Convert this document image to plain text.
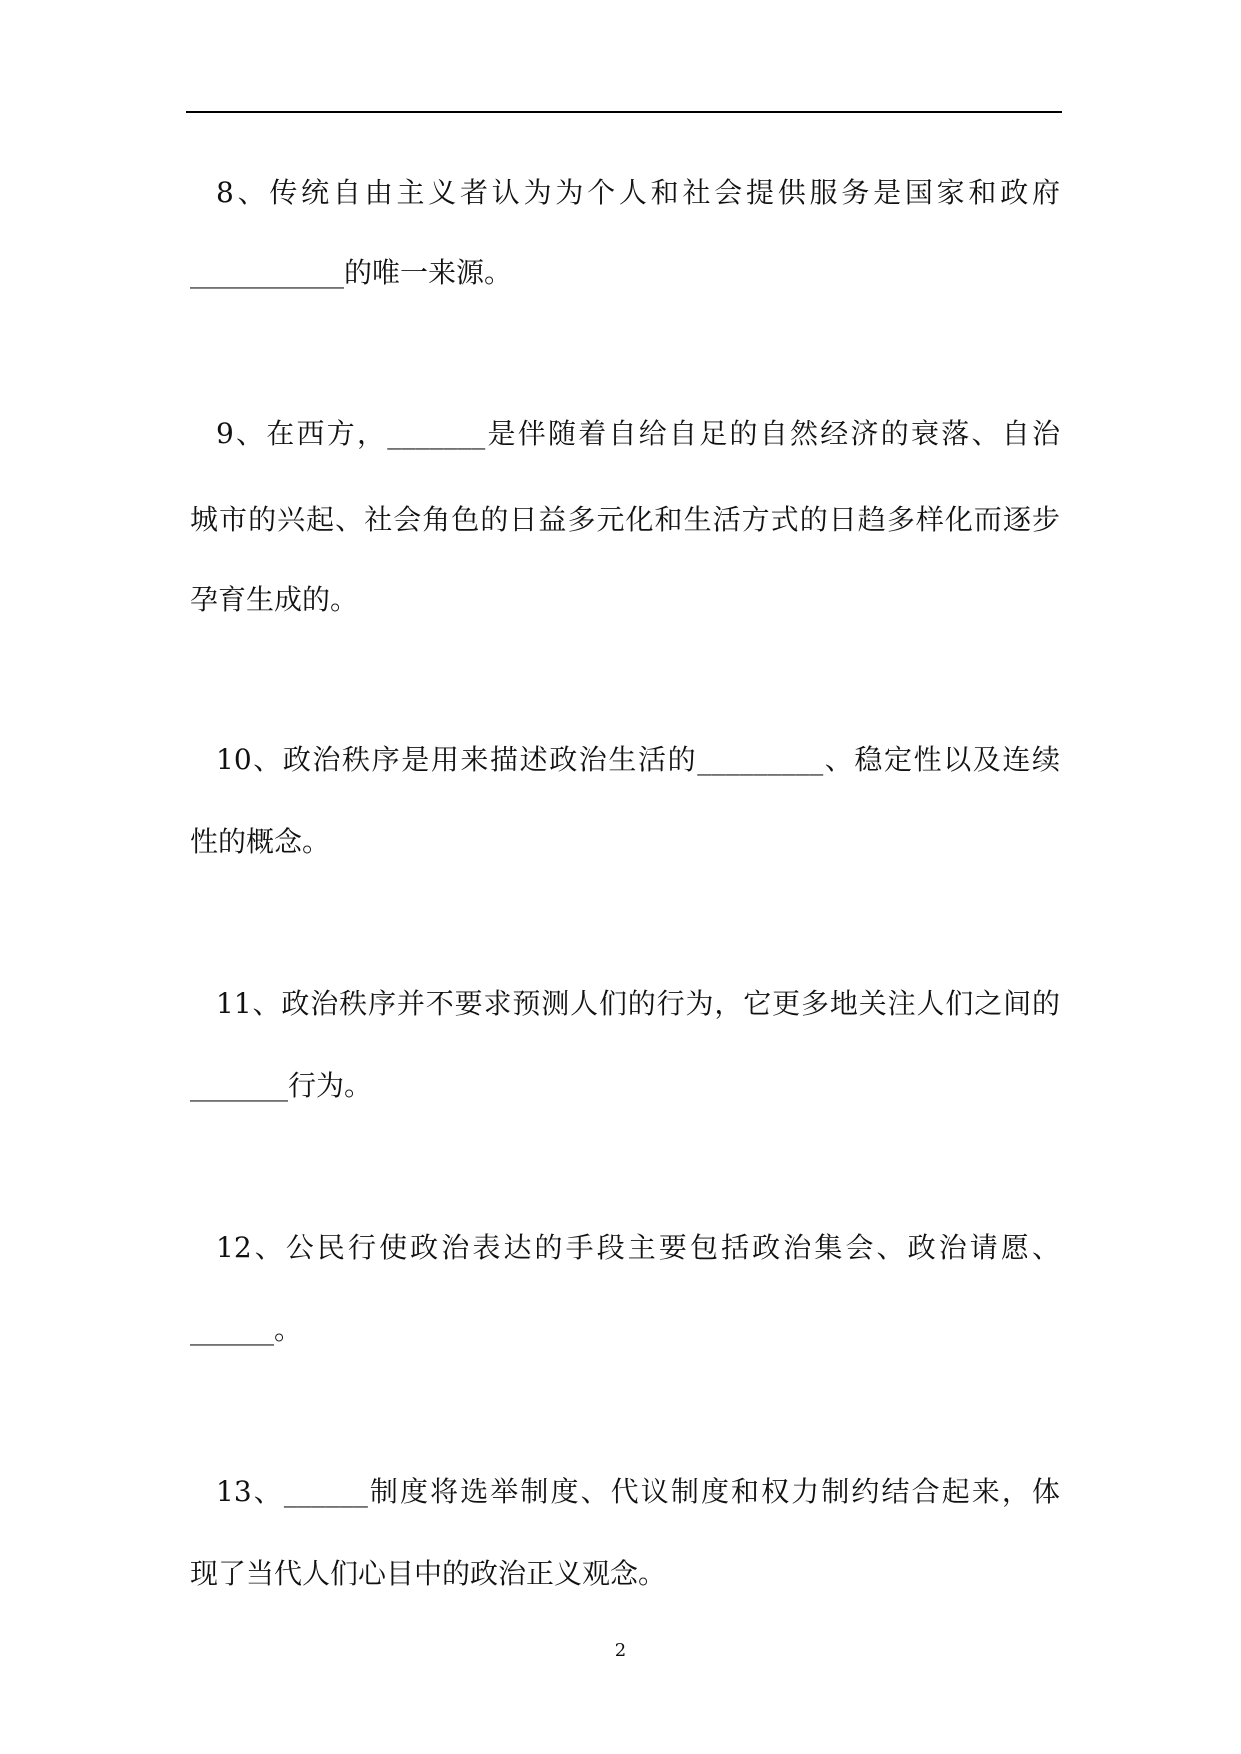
8、传统自由主义者认为为个人和社会提供服务是国家和政府
___________的唯一来源。
9、在西方，_______是伴随着自给自足的自然经济的衰落、自治
城市的兴起、社会角色的日益多元化和生活方式的日趋多样化而逐步
孕育生成的。
10、政治秩序是用来描述政治生活的_________、稳定性以及连续
性的概念。
11、政治秩序并不要求预测人们的行为，它更多地关注人们之间的
_______行为。
12、公民行使政治表达的手段主要包括政治集会、政治请愿、
______。
13、______制度将选举制度、代议制度和权力制约结合起来，体
现了当代人们心目中的政治正义观念。
2
